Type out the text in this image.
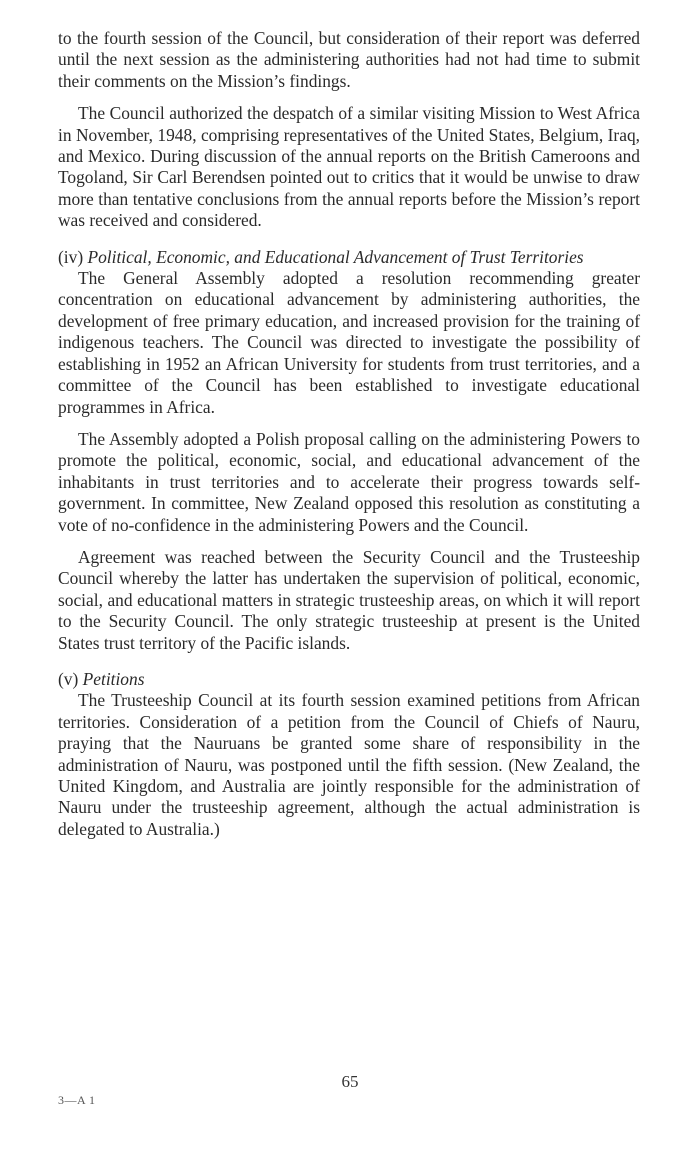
to the fourth session of the Council, but consideration of their report was deferred until the next session as the administering authorities had not had time to submit their comments on the Mission’s findings.

The Council authorized the despatch of a similar visiting Mission to West Africa in November, 1948, comprising representatives of the United States, Belgium, Iraq, and Mexico. During discussion of the annual reports on the British Cameroons and Togoland, Sir Carl Berendsen pointed out to critics that it would be unwise to draw more than tentative conclusions from the annual reports before the Mission’s report was received and considered.

(iv) Political, Economic, and Educational Advancement of Trust Territories

The General Assembly adopted a resolution recommending greater concentration on educational advancement by administering authorities, the development of free primary education, and increased provision for the training of indigenous teachers. The Council was directed to investigate the possibility of establishing in 1952 an African University for students from trust territories, and a committee of the Council has been established to investigate educational programmes in Africa.

The Assembly adopted a Polish proposal calling on the administering Powers to promote the political, economic, social, and educational advancement of the inhabitants in trust territories and to accelerate their progress towards self-government. In committee, New Zealand opposed this resolution as constituting a vote of no-confidence in the administering Powers and the Council.

Agreement was reached between the Security Council and the Trusteeship Council whereby the latter has undertaken the supervision of political, economic, social, and educational matters in strategic trusteeship areas, on which it will report to the Security Council. The only strategic trusteeship at present is the United States trust territory of the Pacific islands.

(v) Petitions

The Trusteeship Council at its fourth session examined petitions from African territories. Consideration of a petition from the Council of Chiefs of Nauru, praying that the Nauruans be granted some share of responsibility in the administration of Nauru, was postponed until the fifth session. (New Zealand, the United Kingdom, and Australia are jointly responsible for the administration of Nauru under the trusteeship agreement, although the actual administration is delegated to Australia.)

65
3—A 1
